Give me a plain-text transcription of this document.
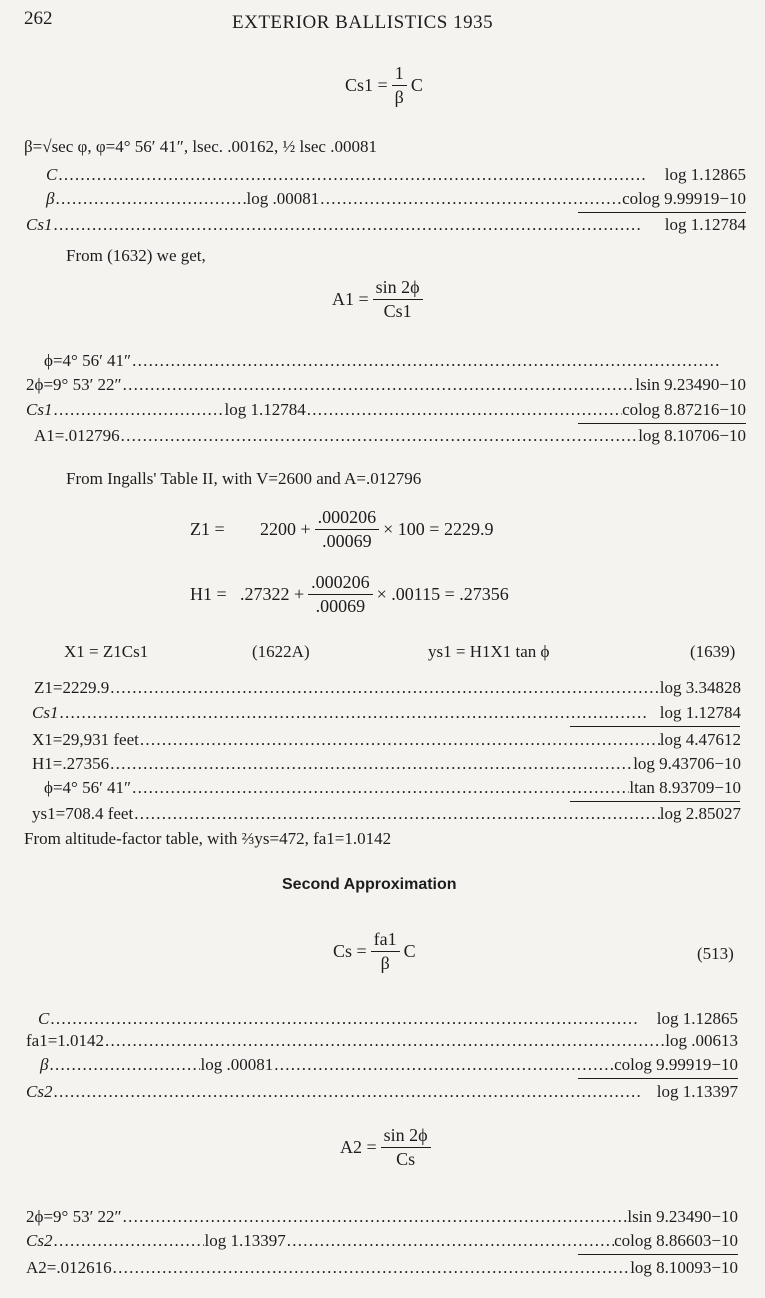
262	EXTERIOR BALLISTICS 1935
$Cs1 = \frac{1}{\beta}$ C
β=√sec φ, φ=4° 56′ 41″, lsec. .00162, ½ lsec .00081
C . . .	log 1.12865
β . . .	log .00081 . . .	colog 9.99919−10
Cs1 . . .	log 1.12784
From (1632) we get,
$A1 = \frac{\sin 2\phi}{Cs1}$
ϕ=4° 56′ 41″
. . .
2ϕ=9° 53′ 22″ . . .	lsin 9.23490−10
Cs1 . . .	log 1.12784 . . .	colog 8.87216−10
A1=.012796 . . .	log 8.10706−10
From Ingalls' Table II, with V=2600 and A=.012796
Z1 =	$2200 + \frac{.000206}{.00069} \times 100 = 2229.9$
$H1 = .27322 + \frac{.000206}{.00069} \times .00115 = .27356$
X1 = Z1Cs1	(1622A)	ys1 = H1X1 tan ϕ	(1639)
Z1=2229.9 . . .	log 3.34828
Cs1 . . .	log 1.12784
X1=29,931 feet . . .	log 4.47612
H1=.27356 . . .	log 9.43706−10
ϕ=4° 56′ 41″ . . .	ltan 8.93709−10
ys1=708.4 feet . . .	log 2.85027
From altitude-factor table, with ⅔ys=472, fa1=1.0142
Second Approximation
$Cs = \frac{fa1}{\beta}$ C	(513)
C . . .	log 1.12865
fa1=1.0142 . . .	log .00613
β . . .	log .00081 . . .	colog 9.99919−10
Cs2 . . .	log 1.13397
$A2 = \frac{\sin 2\phi}{Cs}$
2ϕ=9° 53′ 22″ . . .	lsin 9.23490−10
Cs2 . . .	log 1.13397 . . .	colog 8.86603−10
A2=.012616 . . .	log 8.10093−10
